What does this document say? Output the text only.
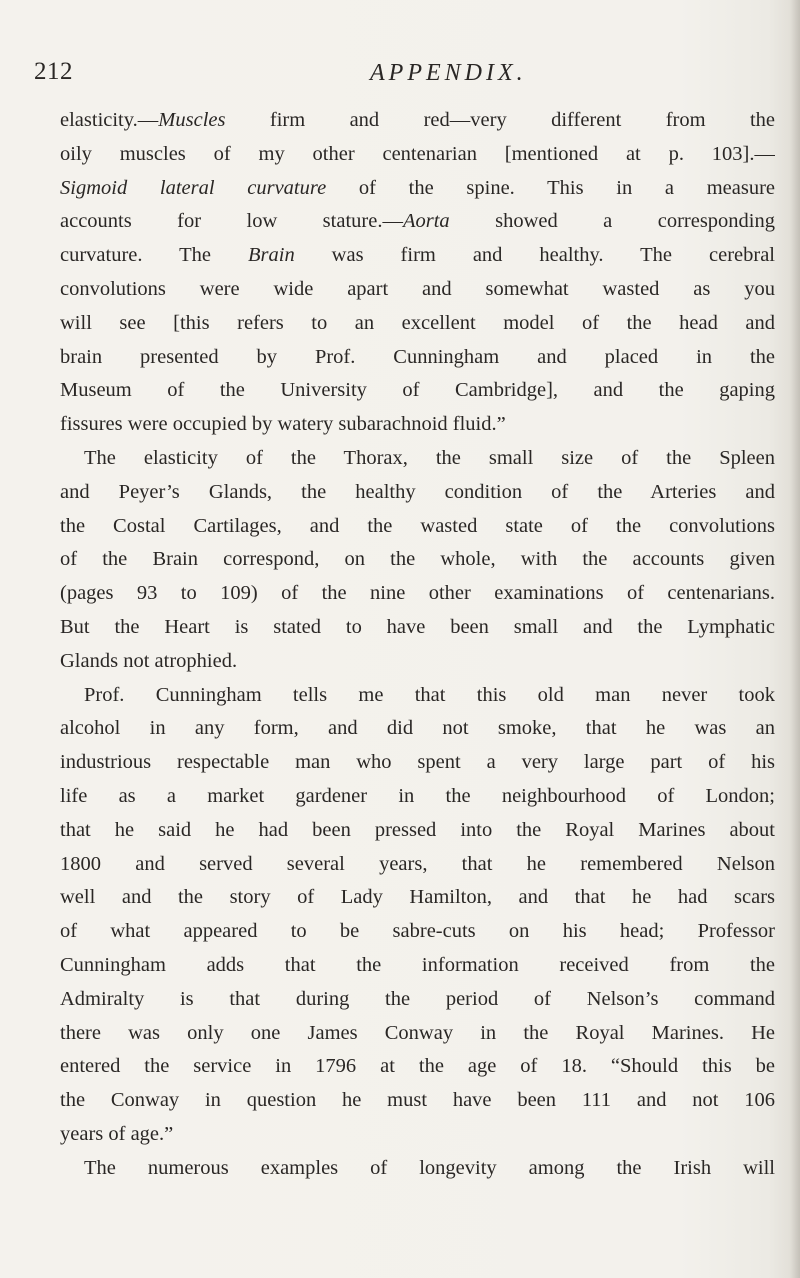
212	APPENDIX.
elasticity.—Muscles firm and red—very different from the
oily muscles of my other centenarian [mentioned at p. 103].—
Sigmoid lateral curvature of the spine. This in a measure
accounts for low stature.—Aorta showed a corresponding
curvature. The Brain was firm and healthy. The cerebral
convolutions were wide apart and somewhat wasted as you
will see [this refers to an excellent model of the head and
brain presented by Prof. Cunningham and placed in the
Museum of the University of Cambridge], and the gaping
fissures were occupied by watery subarachnoid fluid.”
The elasticity of the Thorax, the small size of the Spleen
and Peyer’s Glands, the healthy condition of the Arteries and
the Costal Cartilages, and the wasted state of the convolutions
of the Brain correspond, on the whole, with the accounts given
(pages 93 to 109) of the nine other examinations of centenarians.
But the Heart is stated to have been small and the Lymphatic
Glands not atrophied.
Prof. Cunningham tells me that this old man never took
alcohol in any form, and did not smoke, that he was an
industrious respectable man who spent a very large part of his
life as a market gardener in the neighbourhood of London;
that he said he had been pressed into the Royal Marines about
1800 and served several years, that he remembered Nelson
well and the story of Lady Hamilton, and that he had scars
of what appeared to be sabre-cuts on his head; Professor
Cunningham adds that the information received from the
Admiralty is that during the period of Nelson’s command
there was only one James Conway in the Royal Marines. He
entered the service in 1796 at the age of 18. “Should this be
the Conway in question he must have been 111 and not 106
years of age.”
The numerous examples of longevity among the Irish will
